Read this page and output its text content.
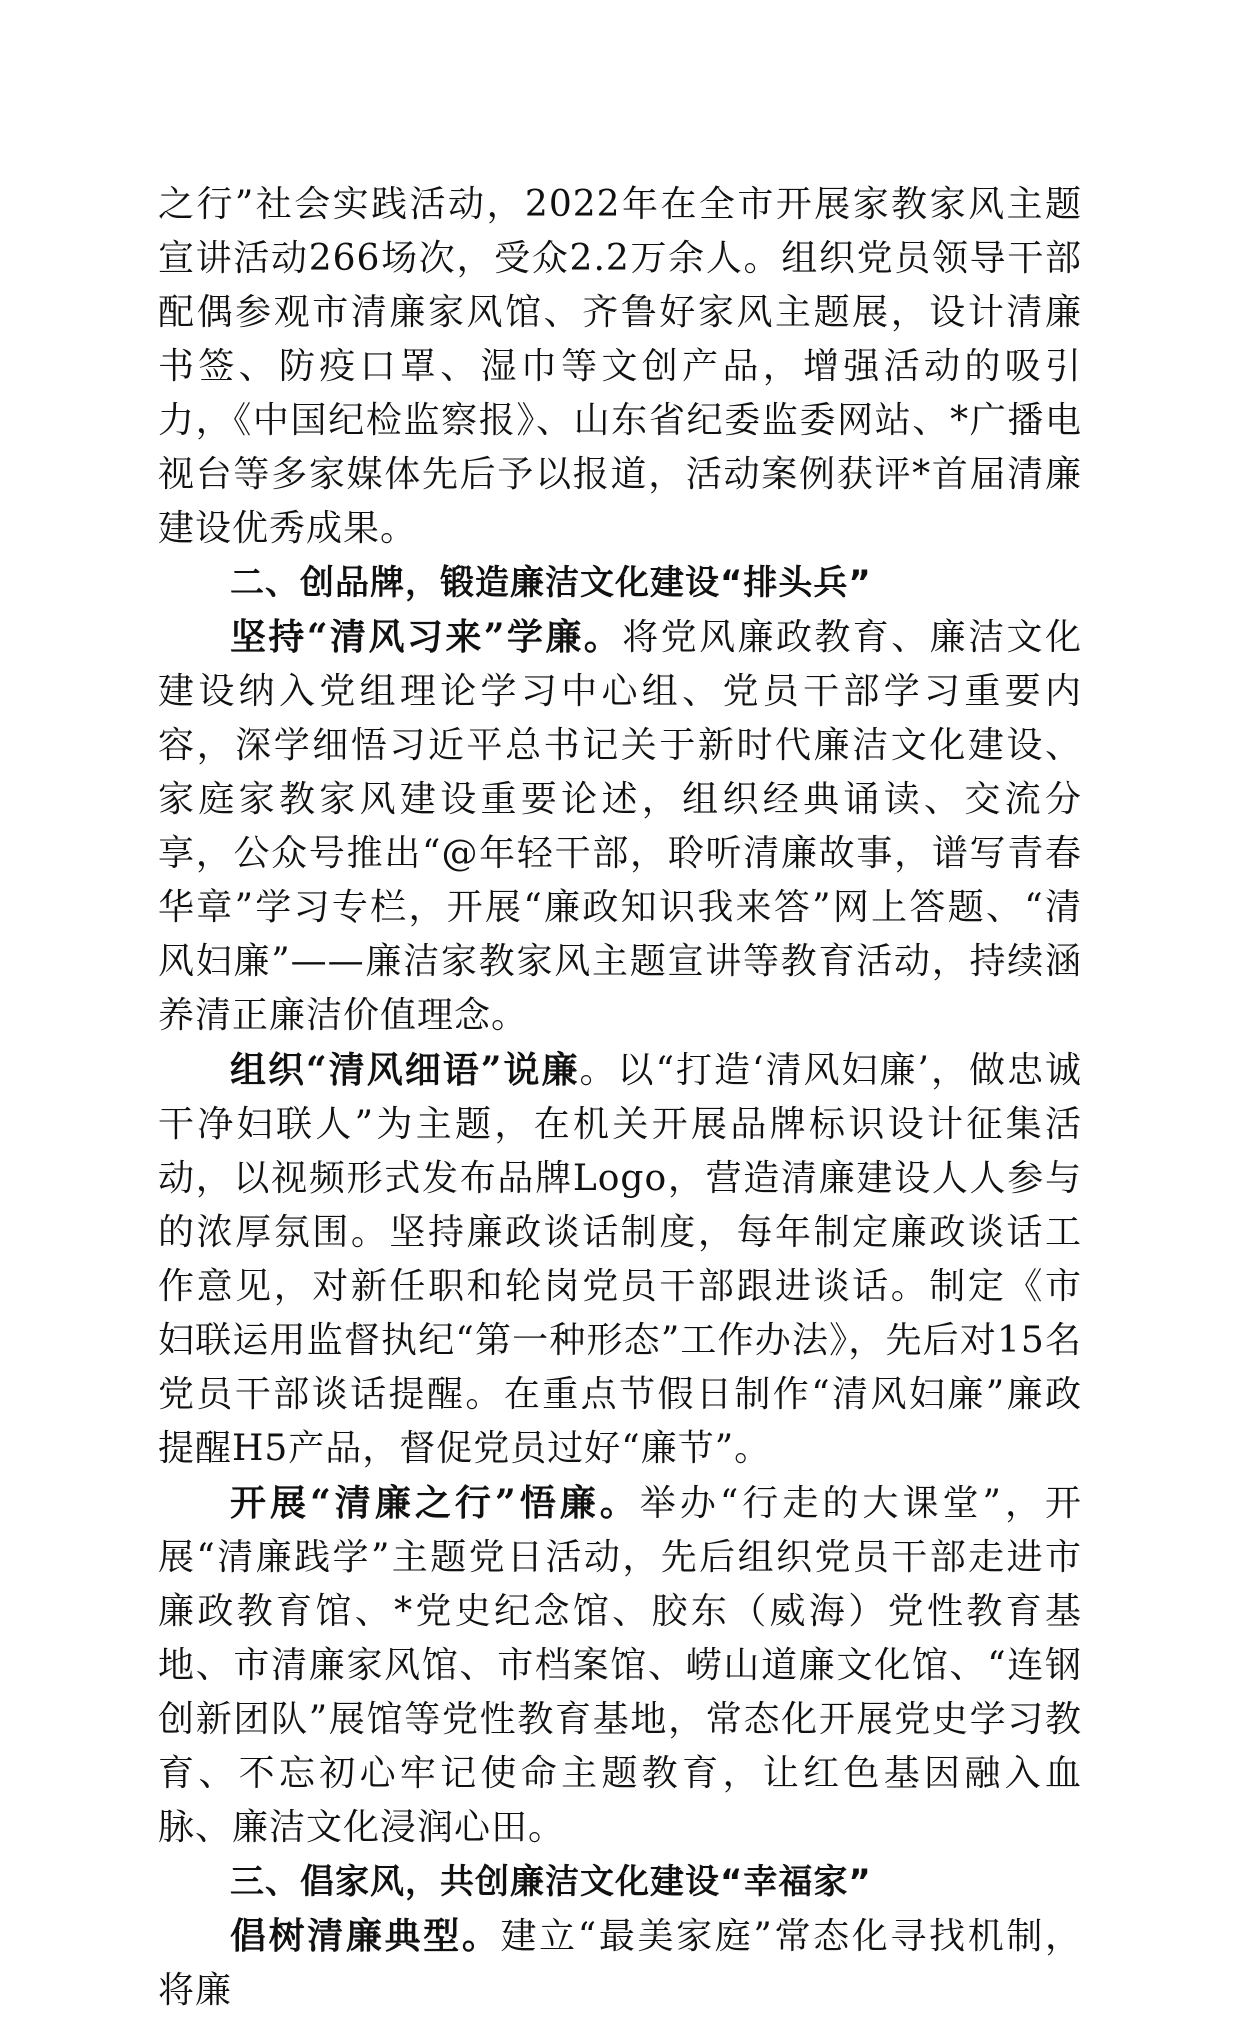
之行”社会实践活动，2022年在全市开展家教家风主题宣讲活动266场次，受众2.2万余人。组织党员领导干部配偶参观市清廉家风馆、齐鲁好家风主题展，设计清廉书签、防疫口罩、湿巾等文创产品，增强活动的吸引力，《中国纪检监察报》、山东省纪委监委网站、*广播电视台等多家媒体先后予以报道，活动案例获评*首届清廉建设优秀成果。

二、创品牌，锻造廉洁文化建设“排头兵”

坚持“清风习来”学廉。将党风廉政教育、廉洁文化建设纳入党组理论学习中心组、党员干部学习重要内容，深学细悟习近平总书记关于新时代廉洁文化建设、家庭家教家风建设重要论述，组织经典诵读、交流分享，公众号推出“@年轻干部，聆听清廉故事，谱写青春华章”学习专栏，开展“廉政知识我来答”网上答题、“清风妇廉”——廉洁家教家风主题宣讲等教育活动，持续涵养清正廉洁价值理念。

组织“清风细语”说廉。以“打造‘清风妇廉’，做忠诚干净妇联人”为主题，在机关开展品牌标识设计征集活动，以视频形式发布品牌Logo，营造清廉建设人人参与的浓厚氛围。坚持廉政谈话制度，每年制定廉政谈话工作意见，对新任职和轮岗党员干部跟进谈话。制定《市妇联运用监督执纪“第一种形态”工作办法》，先后对15名党员干部谈话提醒。在重点节假日制作“清风妇廉”廉政提醒H5产品，督促党员过好“廉节”。

开展“清廉之行”悟廉。举办“行走的大课堂”，开展“清廉践学”主题党日活动，先后组织党员干部走进市廉政教育馆、*党史纪念馆、胶东（威海）党性教育基地、市清廉家风馆、市档案馆、崂山道廉文化馆、“连钢创新团队”展馆等党性教育基地，常态化开展党史学习教育、不忘初心牢记使命主题教育，让红色基因融入血脉、廉洁文化浸润心田。

三、倡家风，共创廉洁文化建设“幸福家”

倡树清廉典型。建立“最美家庭”常态化寻找机制，将廉
